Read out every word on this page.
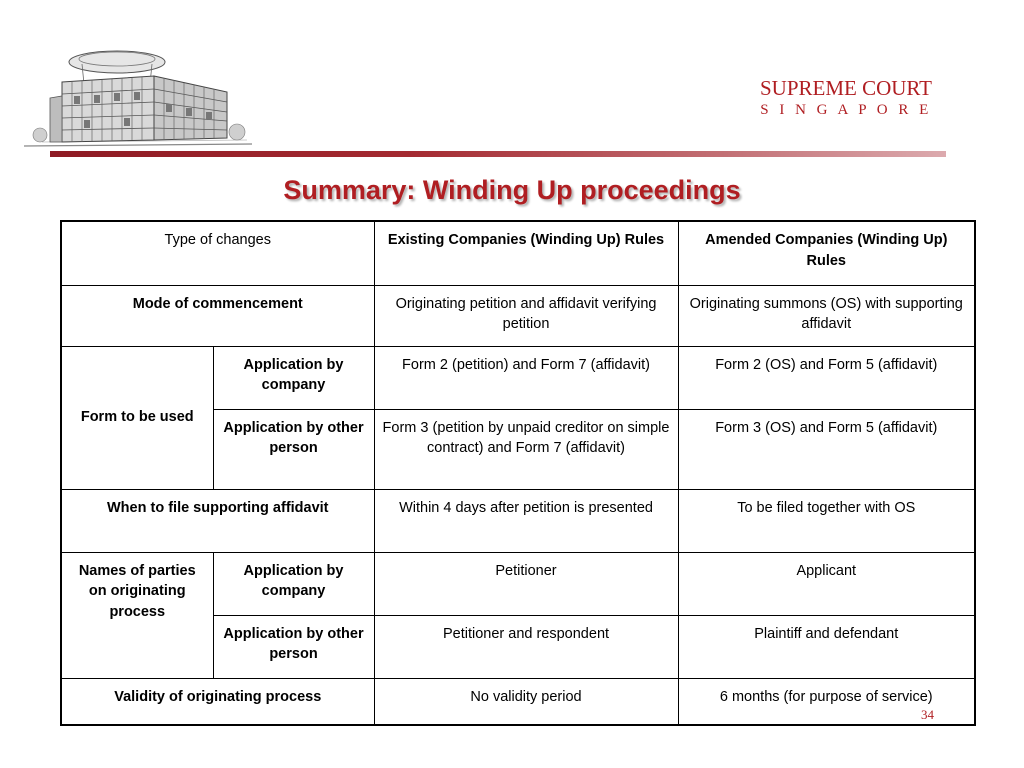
SUPREME COURT
S I N G A P O R E
Summary: Winding Up proceedings
Type of changes		Existing Companies (Winding Up) Rules	Amended Companies (Winding Up) Rules
Mode of commencement		Originating petition and affidavit verifying petition	Originating summons (OS) with supporting affidavit
Form to be used	Application by company	Form 2 (petition) and Form 7 (affidavit)	Form 2 (OS) and Form 5 (affidavit)
	Application by other person	Form 3 (petition by unpaid creditor on simple contract) and Form 7 (affidavit)	Form 3 (OS) and Form 5 (affidavit)
When to file supporting affidavit		Within 4 days after petition is presented	To be filed together with OS
Names of parties on originating process	Application by company	Petitioner	Applicant
	Application by other person	Petitioner and respondent	Plaintiff and defendant
Validity of originating process		No validity period	6 months (for purpose of service)
34
